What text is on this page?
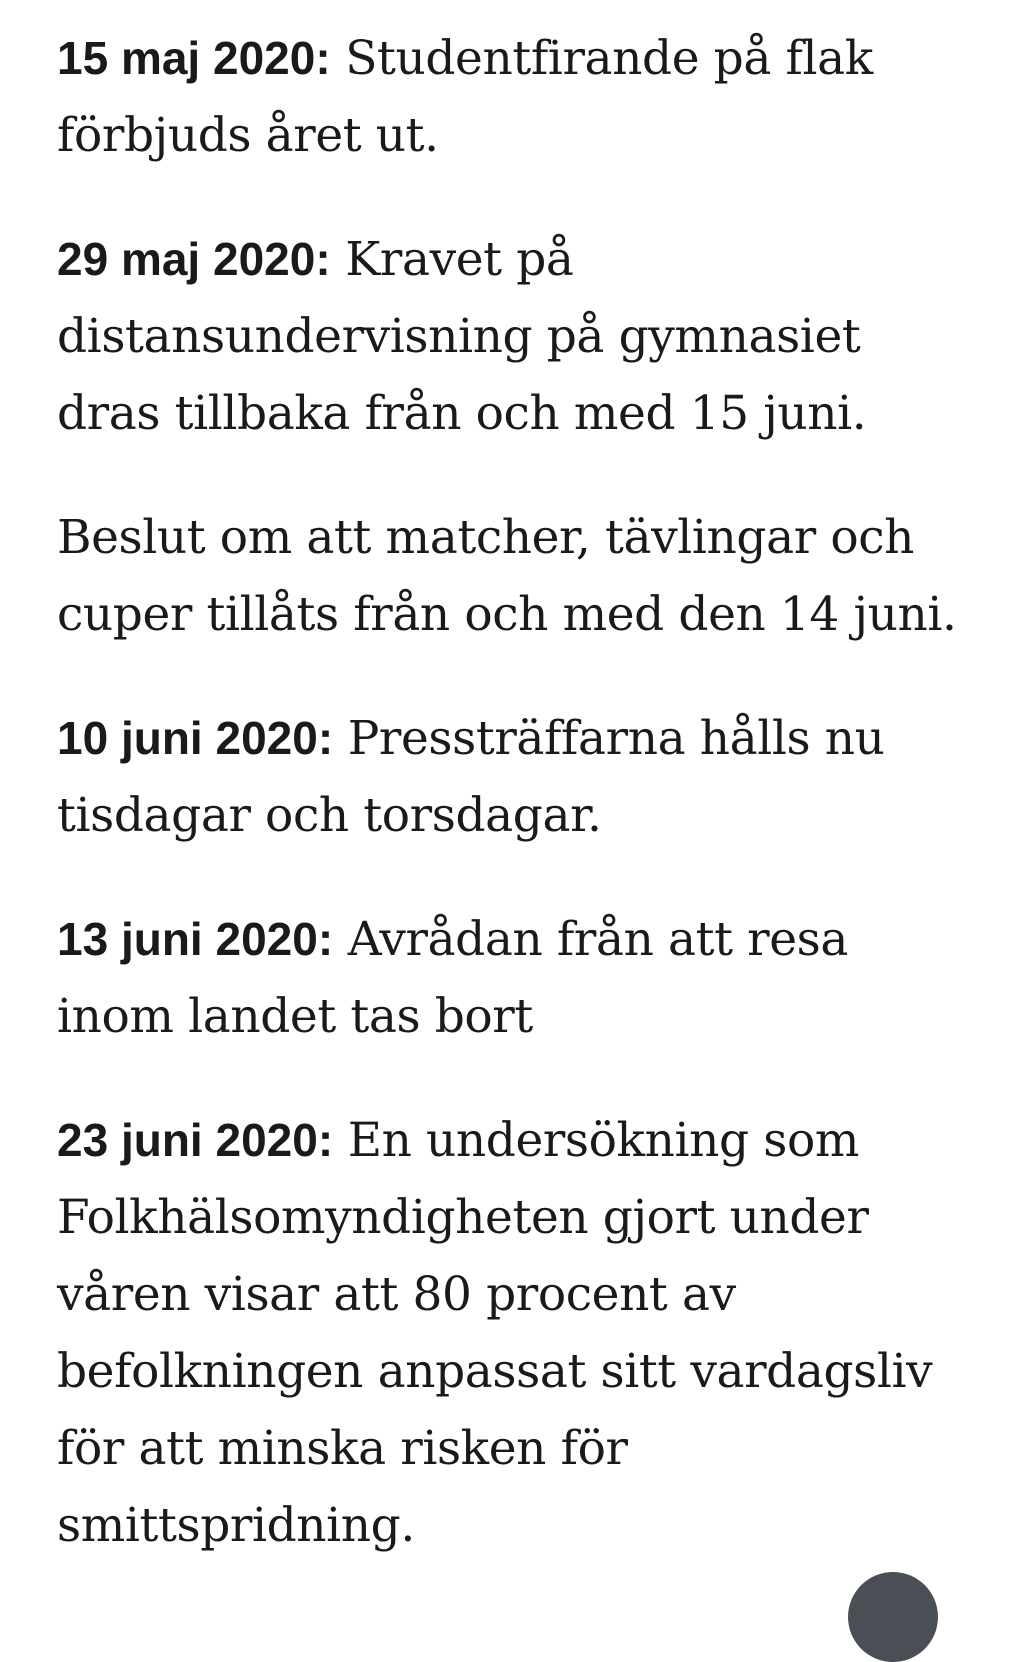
15 maj 2020: Studentfirande på flak förbjuds året ut.

29 maj 2020: Kravet på distansundervisning på gymnasiet dras tillbaka från och med 15 juni.

Beslut om att matcher, tävlingar och cuper tillåts från och med den 14 juni.

10 juni 2020: Pressträffarna hålls nu tisdagar och torsdagar.

13 juni 2020: Avrådan från att resa inom landet tas bort

23 juni 2020: En undersökning som Folkhälsomyndigheten gjort under våren visar att 80 procent av befolkningen anpassat sitt vardagsliv för att minska risken för smittspridning.
